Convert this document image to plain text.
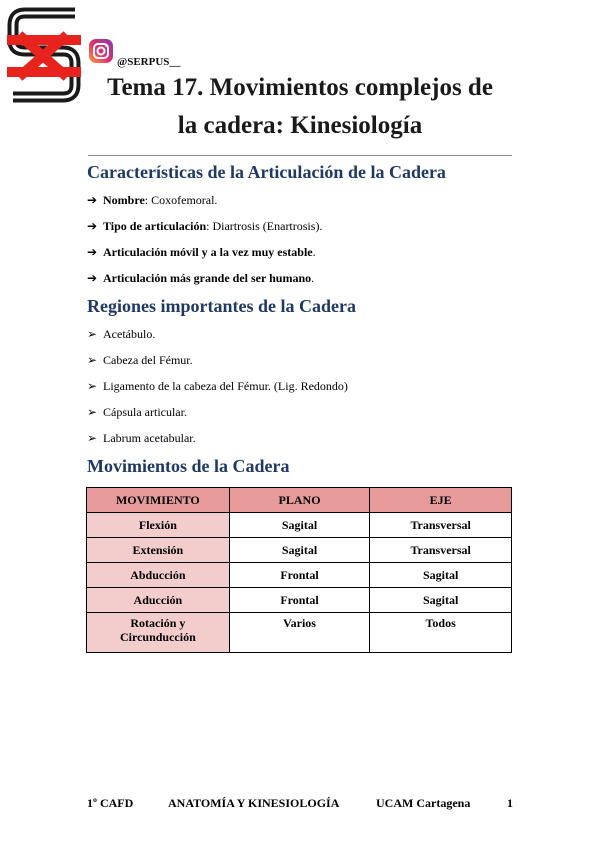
@SERPUS__
Tema 17. Movimientos complejos de
la cadera: Kinesiología
Características de la Articulación de la Cadera
➔ Nombre: Coxofemoral.
➔ Tipo de articulación: Diartrosis (Enartrosis).
➔ Articulación móvil y a la vez muy estable.
➔ Articulación más grande del ser humano.
Regiones importantes de la Cadera
➢ Acetábulo.
➢ Cabeza del Fémur.
➢ Ligamento de la cabeza del Fémur. (Lig. Redondo)
➢ Cápsula articular.
➢ Labrum acetabular.
Movimientos de la Cadera
MOVIMIENTO	PLANO	EJE
Flexión	Sagital	Transversal
Extensión	Sagital	Transversal
Abducción	Frontal	Sagital
Aducción	Frontal	Sagital
Rotación y
Circunducción	Varios	Todos
1º CAFD	ANATOMÍA Y KINESIOLOGÍA	UCAM Cartagena	1
